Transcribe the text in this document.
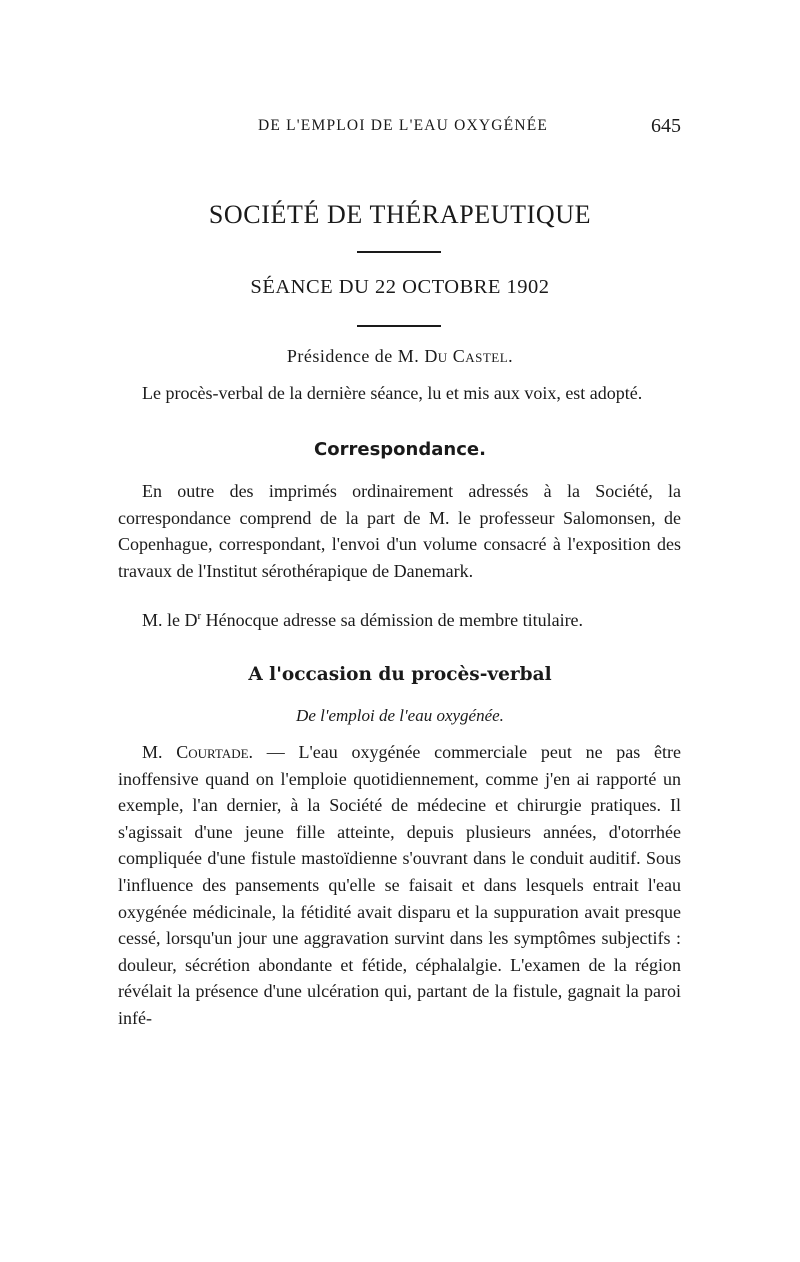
DE L'EMPLOI DE L'EAU OXYGÉNÉE	645
SOCIÉTÉ DE THÉRAPEUTIQUE
SÉANCE DU 22 OCTOBRE 1902
Présidence de M. Du Castel.

Le procès-verbal de la dernière séance, lu et mis aux voix, est adopté.

Correspondance.

En outre des imprimés ordinairement adressés à la Société, la correspondance comprend de la part de M. le professeur Salomonsen, de Copenhague, correspondant, l'envoi d'un volume consacré à l'exposition des travaux de l'Institut sérothérapique de Danemark.

M. le $D^r$ Hénocque adresse sa démission de membre titulaire.

A l'occasion du procès-verbal
De l'emploi de l'eau oxygénée.

M. Courtade. — L'eau oxygénée commerciale peut ne pas être inoffensive quand on l'emploie quotidiennement, comme j'en ai rapporté un exemple, l'an dernier, à la Société de médecine et chirurgie pratiques. Il s'agissait d'une jeune fille atteinte, depuis plusieurs années, d'otorrhée compliquée d'une fistule mastoïdienne s'ouvrant dans le conduit auditif. Sous l'influence des pansements qu'elle se faisait et dans lesquels entrait l'eau oxygénée médicinale, la fétidité avait disparu et la suppuration avait presque cessé, lorsqu'un jour une aggravation survint dans les symptômes subjectifs : douleur, sécrétion abondante et fétide, céphalalgie. L'examen de la région révélait la présence d'une ulcération qui, partant de la fistule, gagnait la paroi infé-
